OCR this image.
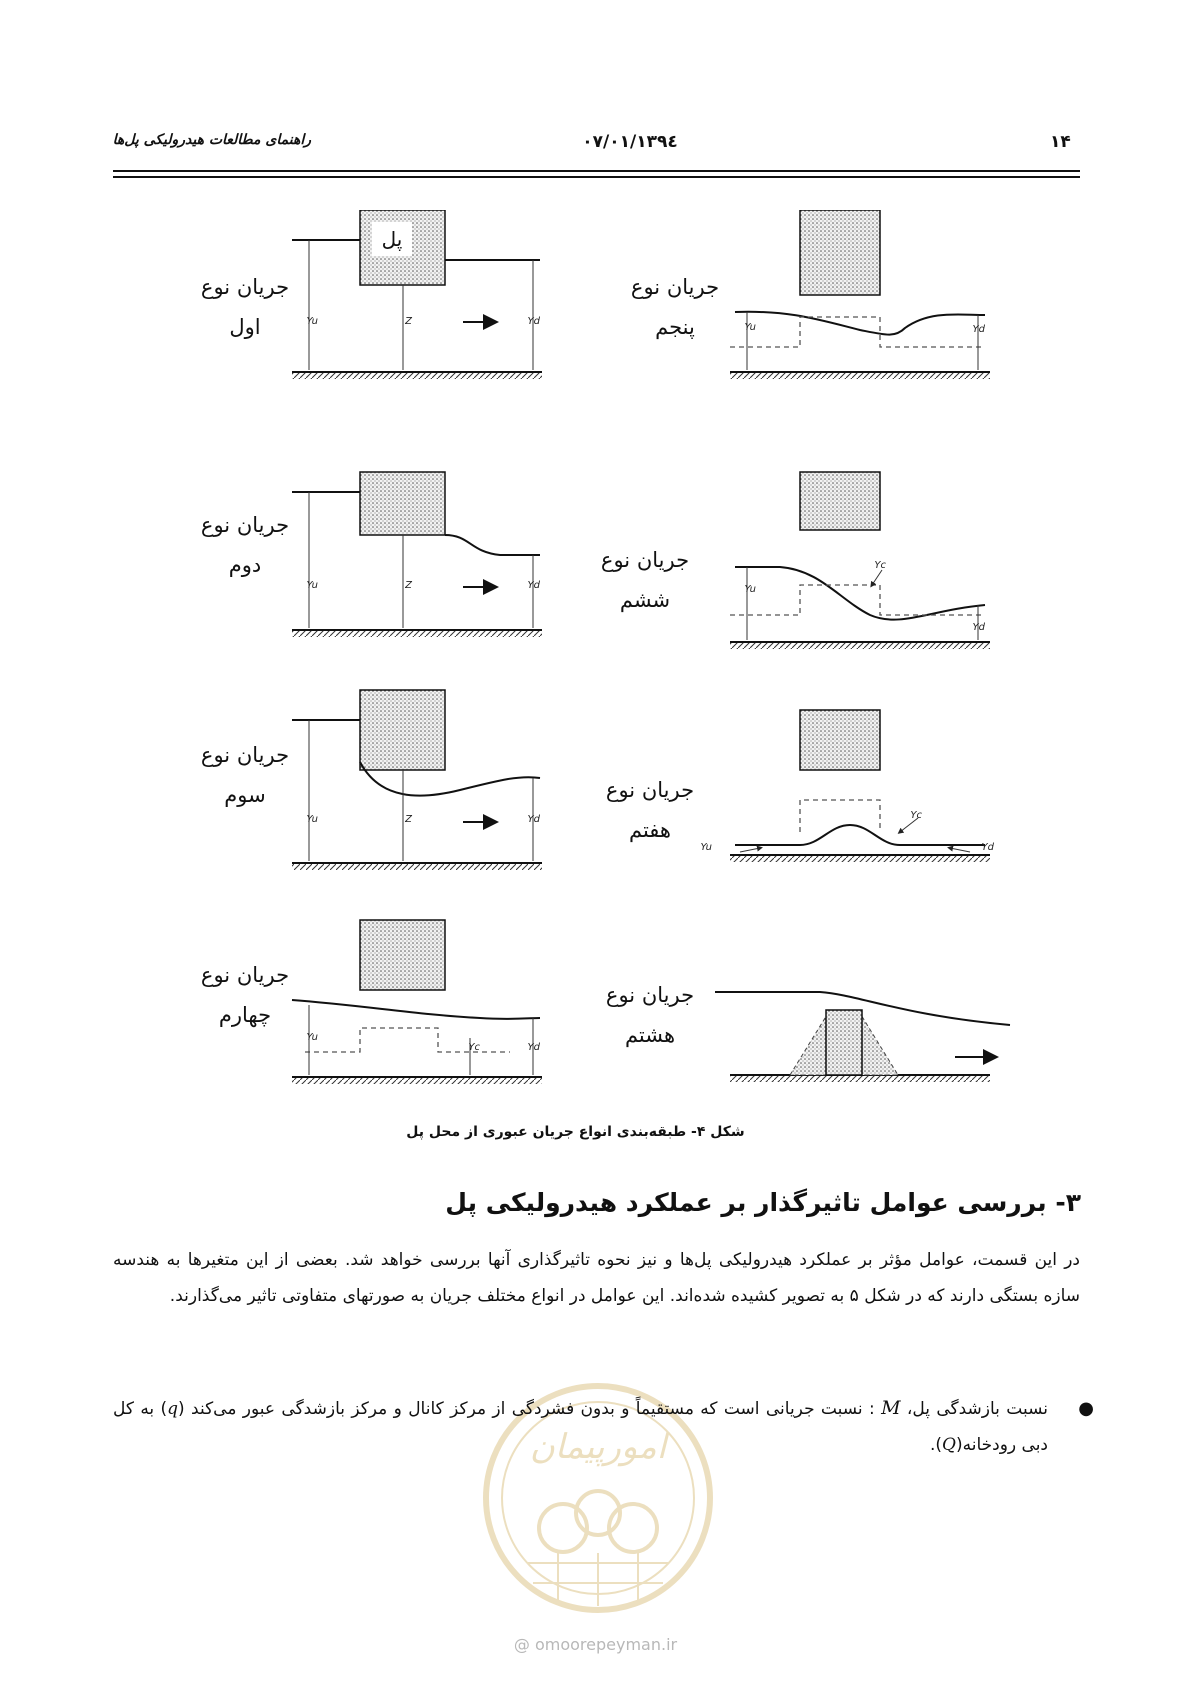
راهنمای مطالعات هیدرولیکی پل‌ها	۱۳۹٤/۰۷/۰۱	۱۴
پل
Yu	Z	Yd
Yu	Z	Yd
Yu	Z	Yd
Yu
Yc	Yd
Yu	Yd
Yu
Yc
Yd
Yu
Yc
Yd
جریان نوع
اول
جریان نوع
دوم
جریان نوع
سوم
جریان نوع
چهارم
جریان نوع
پنجم
جریان نوع
ششم
جریان نوع
هفتم
جریان نوع
هشتم
شکل ۴- طبقه‌بندی انواع جریان عبوری از محل پل
۳- بررسی عوامل تاثیرگذار بر عملکرد هیدرولیکی پل
در این قسمت، عوامل مؤثر بر عملکرد هیدرولیکی پل‌ها و نیز نحوه تاثیرگذاری آنها بررسی خواهد شد. بعضی از این متغیرها به هندسه سازه بستگی دارند که در شکل ۵ به تصویر کشیده شده‌اند. این عوامل در انواع مختلف جریان به صورتهای متفاوتی تاثیر می‌گذارند.
امورپیمان
●
نسبت بازشدگی پل، M : نسبت جریانی است که مستقیماً و بدون فشردگی از مرکز کانال و مرکز بازشدگی عبور می‌کند (q) به کل دبی رودخانه(Q).
@ omoorepeyman.ir
